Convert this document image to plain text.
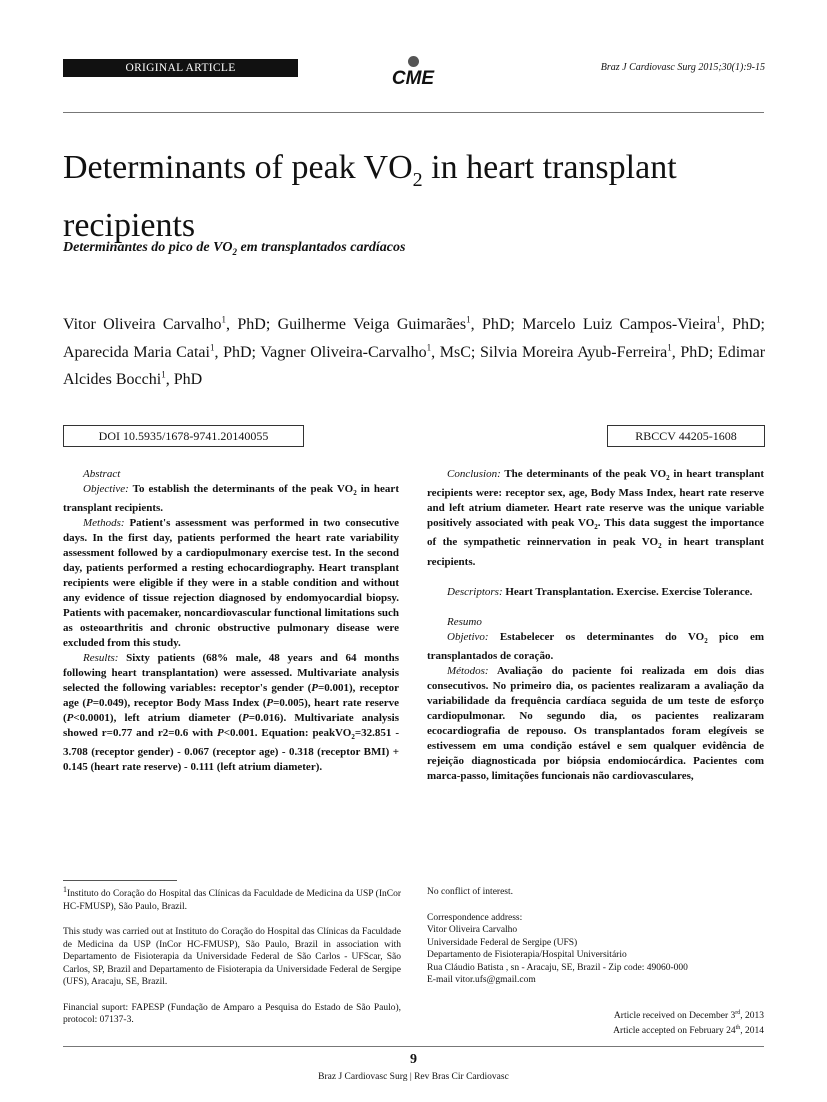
ORIGINAL ARTICLE	CME
Braz J Cardiovasc Surg 2015;30(1):9-15
Determinants of peak $VO_2$ in heart transplant recipients
Determinantes do pico de $VO_2$ em transplantados cardíacos
Vitor Oliveira Carvalho$^1$, PhD; Guilherme Veiga Guimarães$^1$, PhD; Marcelo Luiz Campos-Vieira$^1$, PhD; Aparecida Maria Catai$^1$, PhD; Vagner Oliveira-Carvalho$^1$, MsC; Silvia Moreira Ayub-Ferreira$^1$, PhD; Edimar Alcides Bocchi$^1$, PhD
DOI 10.5935/1678-9741.20140055	RBCCV 44205-1608

Abstract

Objective: To establish the determinants of the peak $VO_2$ in heart transplant recipients.

Methods: Patient's assessment was performed in two consecutive days. In the first day, patients performed the heart rate variability assessment followed by a cardiopulmonary exercise test. In the second day, patients performed a resting echocardiography. Heart transplant recipients were eligible if they were in a stable condition and without any evidence of tissue rejection diagnosed by endomyocardial biopsy. Patients with pacemaker, noncardiovascular functional limitations such as osteoarthritis and chronic obstructive pulmonary disease were excluded from this study.

Results: Sixty patients (68% male, 48 years and 64 months following heart transplantation) were assessed. Multivariate analysis selected the following variables: receptor's gender (P=0.001), receptor age (P=0.049), receptor Body Mass Index (P=0.005), heart rate reserve (P<0.0001), left atrium diameter (P=0.016). Multivariate analysis showed r=0.77 and r2=0.6 with P<0.001. Equation: peakVO$_2$=32.851 - 3.708 (receptor gender) - 0.067 (receptor age) - 0.318 (receptor BMI) + 0.145 (heart rate reserve) - 0.111 (left atrium diameter).

Conclusion: The determinants of the peak $VO_2$ in heart transplant recipients were: receptor sex, age, Body Mass Index, heart rate reserve and left atrium diameter. Heart rate reserve was the unique variable positively associated with peak $VO_2$. This data suggest the importance of the sympathetic reinnervation in peak $VO_2$ in heart transplant recipients.

Descriptors: Heart Transplantation. Exercise. Exercise Tolerance.

Resumo

Objetivo: Estabelecer os determinantes do $VO_2$ pico em transplantados de coração.

Métodos: Avaliação do paciente foi realizada em dois dias consecutivos. No primeiro dia, os pacientes realizaram a avaliação da variabilidade da frequência cardíaca seguida de um teste de esforço cardiopulmonar. No segundo dia, os pacientes realizaram ecocardiografia de repouso. Os transplantados foram elegíveis se estivessem em uma condição estável e sem qualquer evidência de rejeição diagnosticada por biópsia endomiocárdica. Pacientes com marca-passo, limitações funcionais não cardiovasculares,

$^1$Instituto do Coração do Hospital das Clínicas da Faculdade de Medicina da USP (InCor HC-FMUSP), São Paulo, Brazil.

This study was carried out at Instituto do Coração do Hospital das Clínicas da Faculdade de Medicina da USP (InCor HC-FMUSP), São Paulo, Brazil in association with Departamento de Fisioterapia da Universidade Federal de São Carlos - UFScar, São Carlos, SP, Brazil and Departamento de Fisioterapia da Universidade Federal de Sergipe (UFS), Aracaju, SE, Brazil.

Financial suport: FAPESP (Fundação de Amparo a Pesquisa do Estado de São Paulo), protocol: 07137-3.

No conflict of interest.

Correspondence address:

Vitor Oliveira Carvalho

Universidade Federal de Sergipe (UFS)

Departamento de Fisioterapia/Hospital Universitário

Rua Cláudio Batista , sn - Aracaju, SE, Brazil - Zip code: 49060-000

E-mail vitor.ufs@gmail.com

Article received on December 3rd, 2013
Article accepted on February 24th, 2014
9
Braz J Cardiovasc Surg | Rev Bras Cir Cardiovasc
